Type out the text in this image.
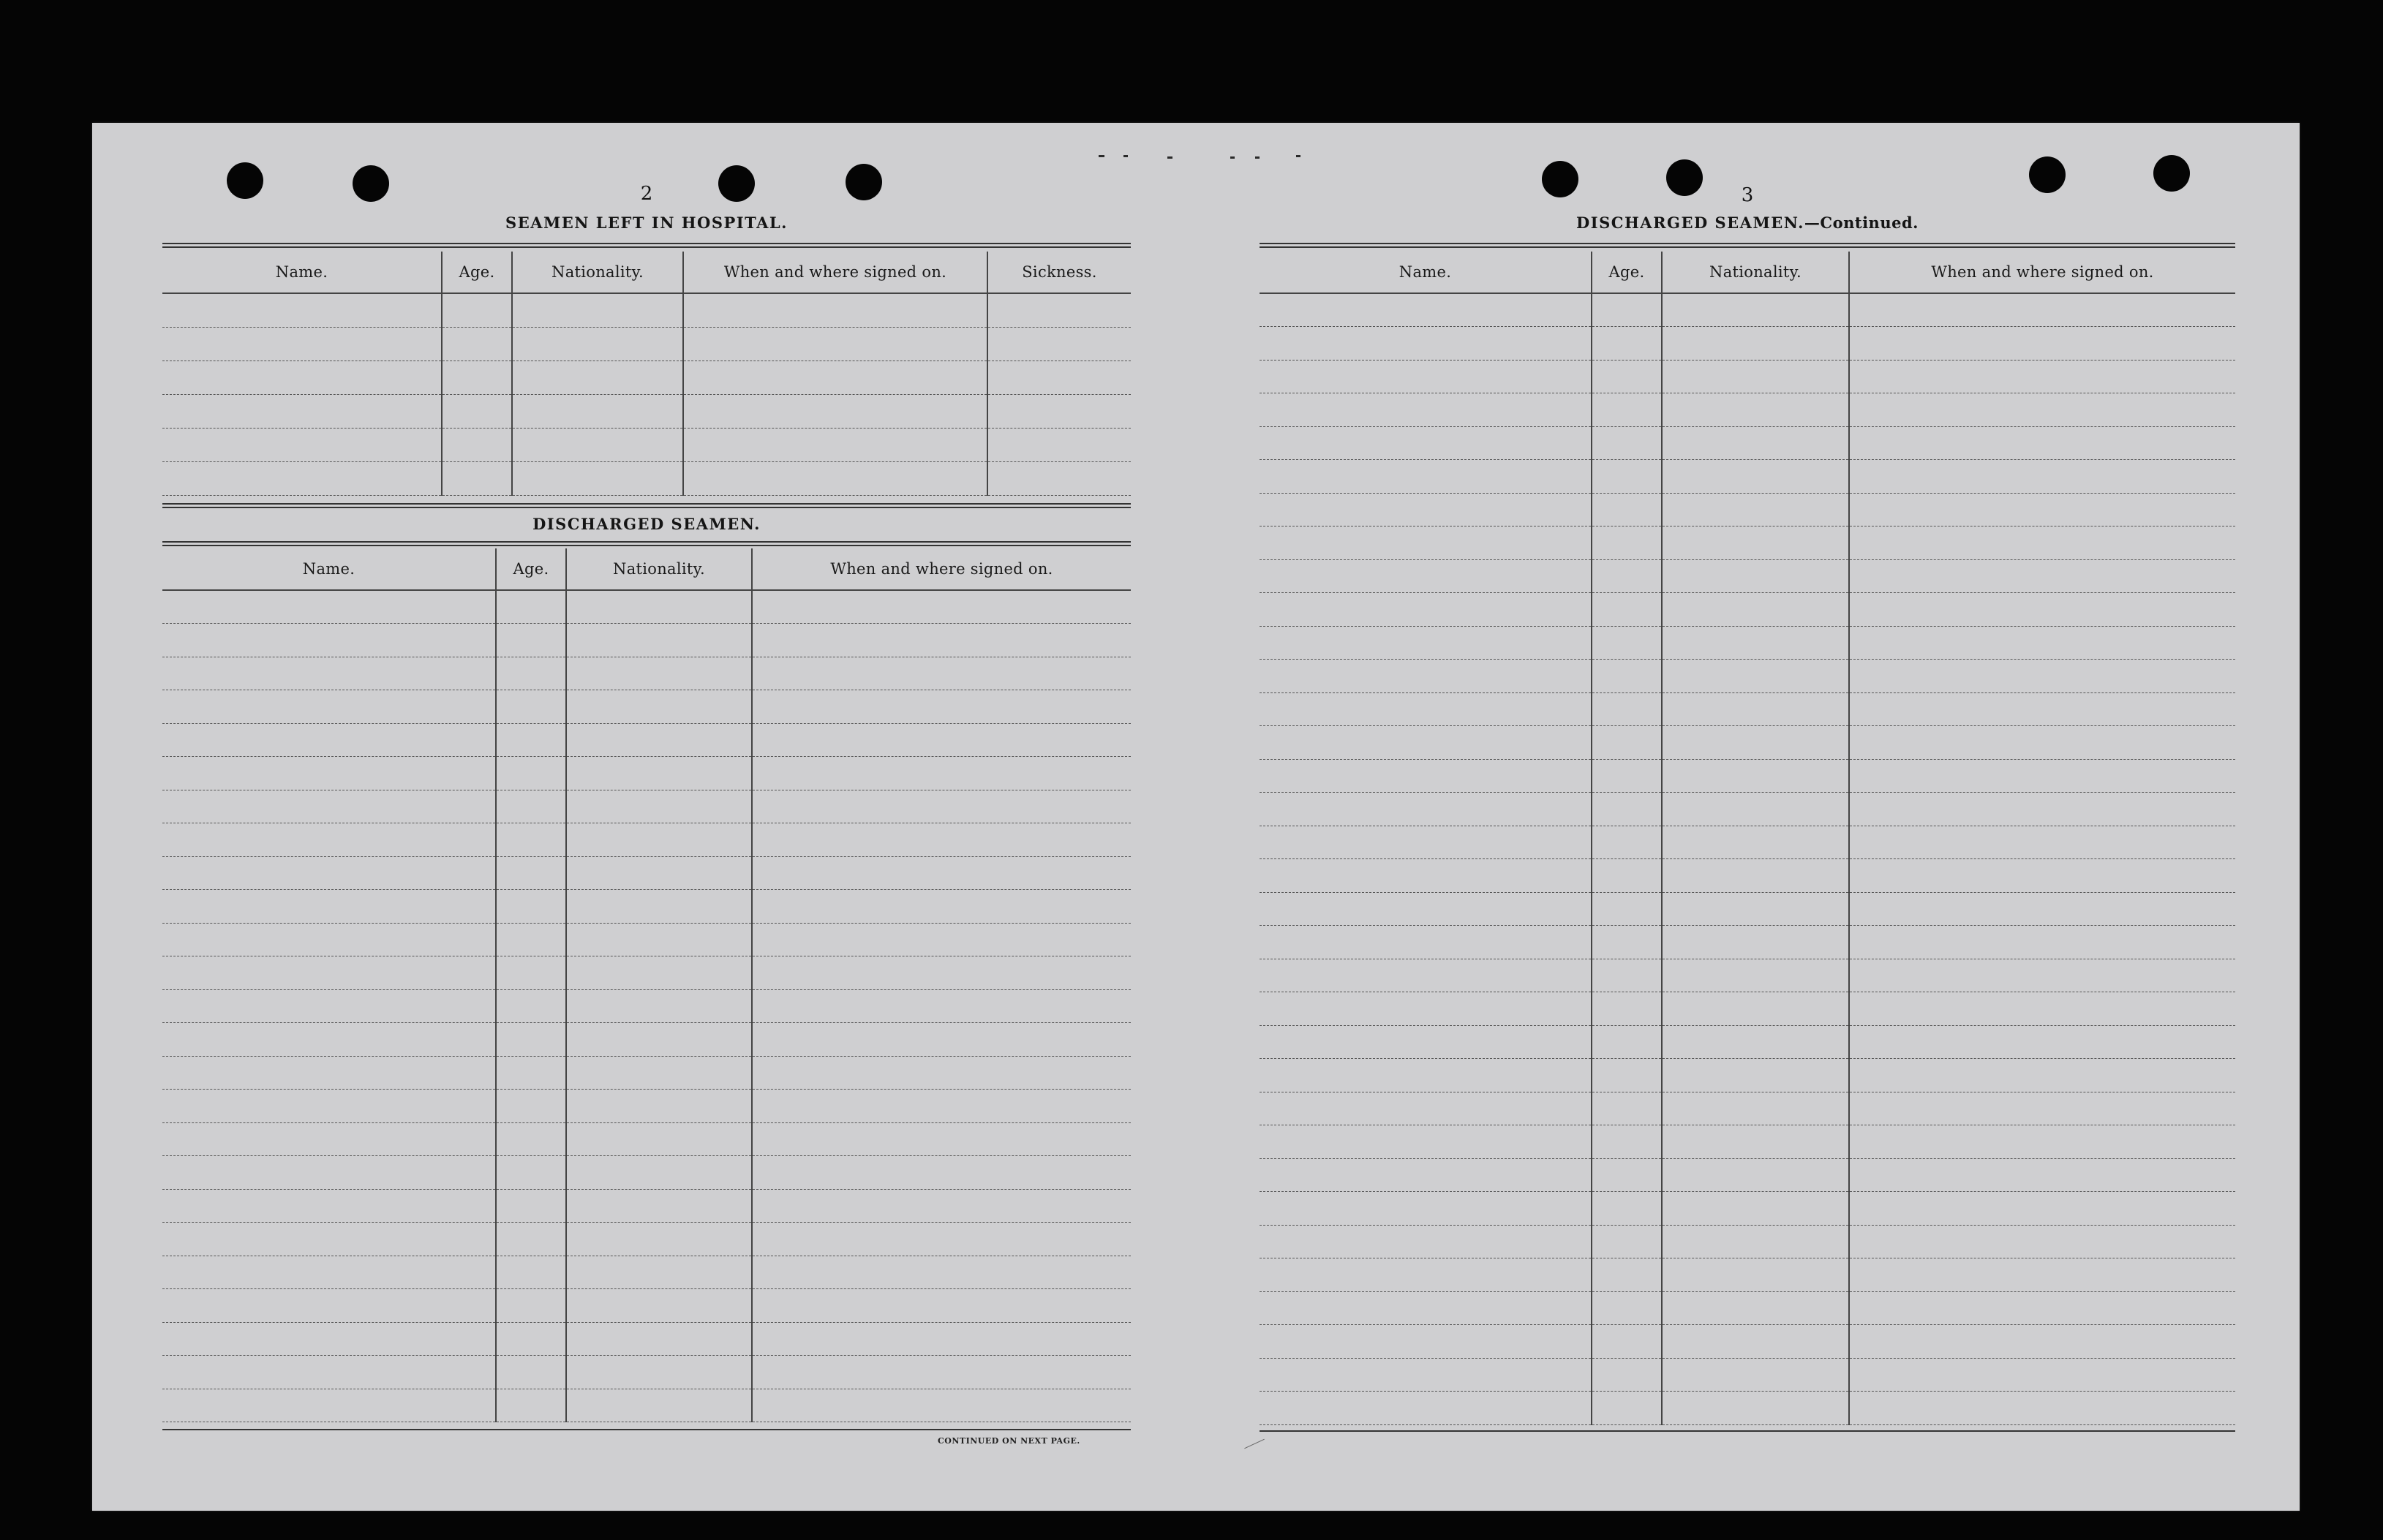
2
SEAMEN LEFT IN HOSPITAL.
Name.	Age.	Nationality.	When and where signed on.	Sickness.

DISCHARGED SEAMEN.
Name.	Age.	Nationality.	When and where signed on.

CONTINUED ON NEXT PAGE.
3
DISCHARGED SEAMEN.—Continued.
Name.	Age.	Nationality.	When and where signed on.
